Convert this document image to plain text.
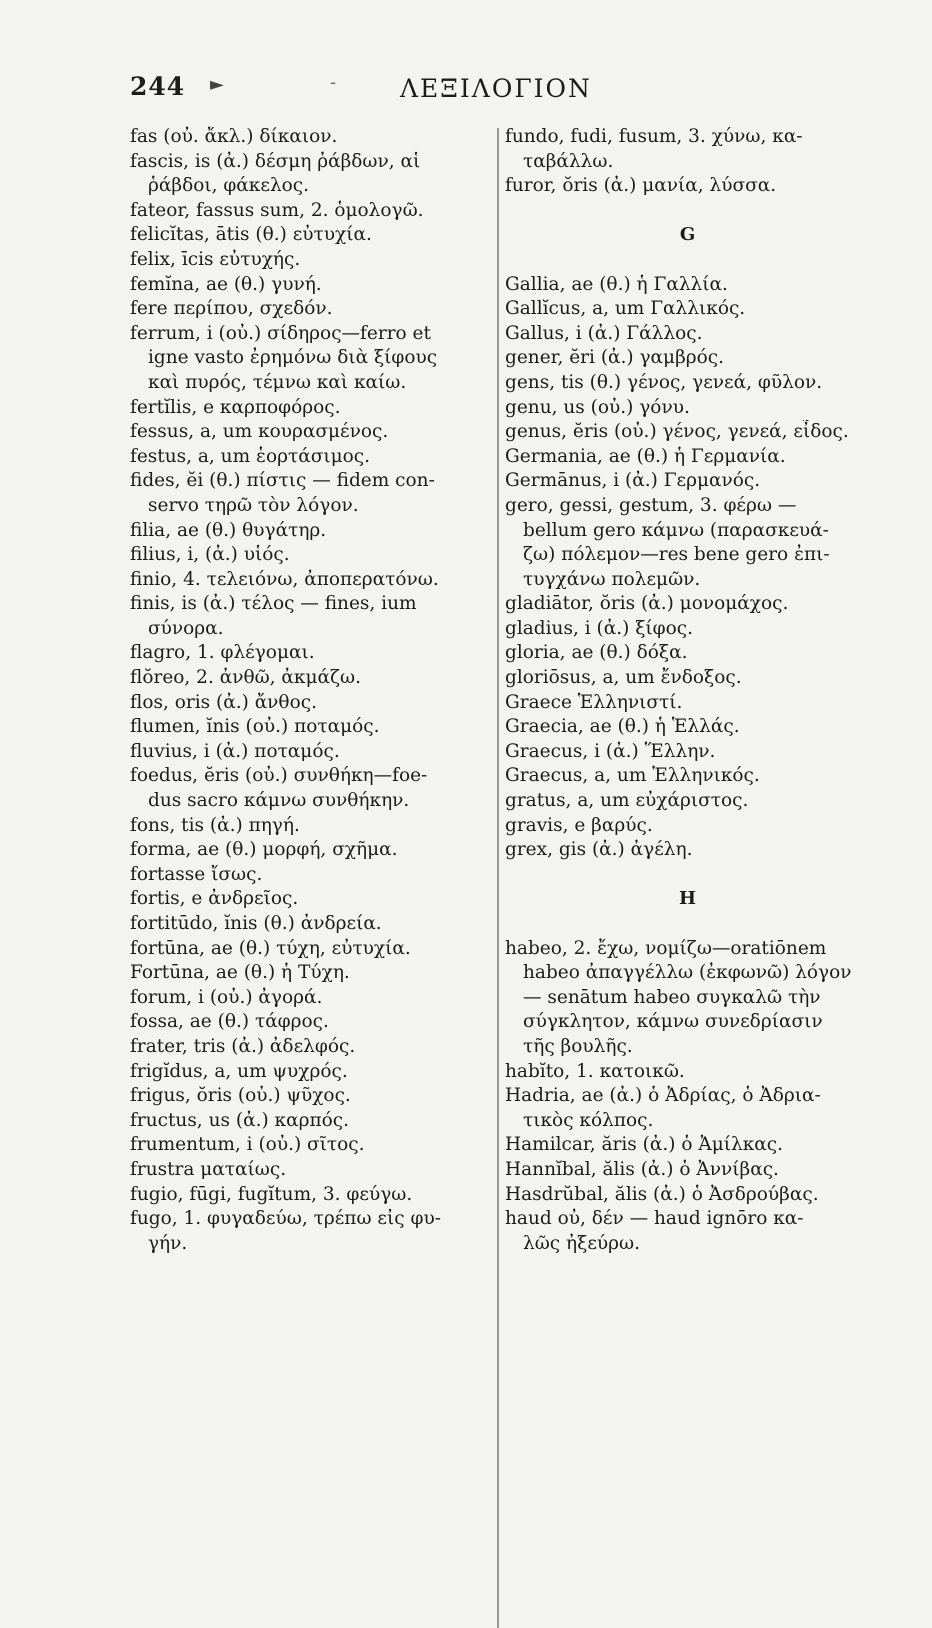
244 ►	-	ΛΕΞΙΛΟΓΙΟΝ
fas (οὐ. ἄκλ.) δίκαιον.
fascis, is (ἀ.) δέσμη ῥάβδων, αἱ
ῥάβδοι, φάκελος.
fateor, fassus sum, 2. ὁμολογῶ.
felicĭtas, ātis (θ.) εὐτυχία.
felix, īcis εὐτυχής.
femĭna, ae (θ.) γυνή.
fere περίπου, σχεδόν.
ferrum, i (οὐ.) σίδηρος—ferro et
igne vasto ἐρημόνω διὰ ξίφους
καὶ πυρός, τέμνω καὶ καίω.
fertĭlis, e καρποφόρος.
fessus, a, um κουρασμένος.
festus, a, um ἑορτάσιμος.
fides, ĕi (θ.) πίστις — fidem con-
servo τηρῶ τὸν λόγον.
filia, ae (θ.) θυγάτηρ.
filius, i, (ἀ.) υἱός.
finio, 4. τελειόνω, ἀποπερατόνω.
finis, is (ἀ.) τέλος — fines, ium
σύνορα.
flagro, 1. φλέγομαι.
flŏreo, 2. ἀνθῶ, ἀκμάζω.
flos, oris (ἀ.) ἄνθος.
flumen, ĭnis (οὐ.) ποταμός.
fluvius, i (ἀ.) ποταμός.
foedus, ĕris (οὐ.) συνθήκη—foe-
dus sacro κάμνω συνθήκην.
fons, tis (ἀ.) πηγή.
forma, ae (θ.) μορφή, σχῆμα.
fortasse ἴσως.
fortis, e ἀνδρεῖος.
fortitūdo, ĭnis (θ.) ἀνδρεία.
fortūna, ae (θ.) τύχη, εὐτυχία.
Fortūna, ae (θ.) ἡ Τύχη.
forum, i (οὐ.) ἀγορά.
fossa, ae (θ.) τάφρος.
frater, tris (ἀ.) ἀδελφός.
frigĭdus, a, um ψυχρός.
frigus, ŏris (οὐ.) ψῦχος.
fructus, us (ἀ.) καρπός.
frumentum, i (οὐ.) σῖτος.
frustra ματαίως.
fugio, fūgi, fugĭtum, 3. φεύγω.
fugo, 1. φυγαδεύω, τρέπω εἰς φυ-
γήν.
fundo, fudi, fusum, 3. χύνω, κα-
ταβάλλω.
furor, ŏris (ἀ.) μανία, λύσσα.
G
Gallia, ae (θ.) ἡ Γαλλία.
Gallĭcus, a, um Γαλλικός.
Gallus, i (ἀ.) Γάλλος.
gener, ĕri (ἀ.) γαμβρός.
gens, tis (θ.) γένος, γενεά, φῦλον.
genu, us (οὐ.) γόνυ.
genus, ĕris (οὐ.) γένος, γενεά, εἶδος.
Germania, ae (θ.) ἡ Γερμανία.
Germānus, i (ἀ.) Γερμανός.
gero, gessi, gestum, 3. φέρω —
bellum gero κάμνω (παρασκευά-
ζω) πόλεμον—res bene gero ἐπι-
τυγχάνω πολεμῶν.
gladiātor, ŏris (ἀ.) μονομάχος.
gladius, i (ἀ.) ξίφος.
gloria, ae (θ.) δόξα.
gloriōsus, a, um ἔνδοξος.
Graece Ἑλληνιστί.
Graecia, ae (θ.) ἡ Ἑλλάς.
Graecus, i (ἀ.) Ἕλλην.
Graecus, a, um Ἑλληνικός.
gratus, a, um εὐχάριστος.
gravis, e βαρύς.
grex, gis (ἀ.) ἀγέλη.
H
habeo, 2. ἔχω, νομίζω—oratiōnem
habeo ἀπαγγέλλω (ἐκφωνῶ) λόγον
— senātum habeo συγκαλῶ τὴν
σύγκλητον, κάμνω συνεδρίασιν
τῆς βουλῆς.
habĭto, 1. κατοικῶ.
Hadria, ae (ἀ.) ὁ Ἀδρίας, ὁ Ἀδρια-
τικὸς κόλπος.
Hamilcar, ăris (ἀ.) ὁ Ἀμίλκας.
Hannĭbal, ălis (ἀ.) ὁ Ἀννίβας.
Hasdrŭbal, ălis (ἀ.) ὁ Ἀσδρούβας.
haud οὐ, δέν — haud ignōro κα-
λῶς ἠξεύρω.
